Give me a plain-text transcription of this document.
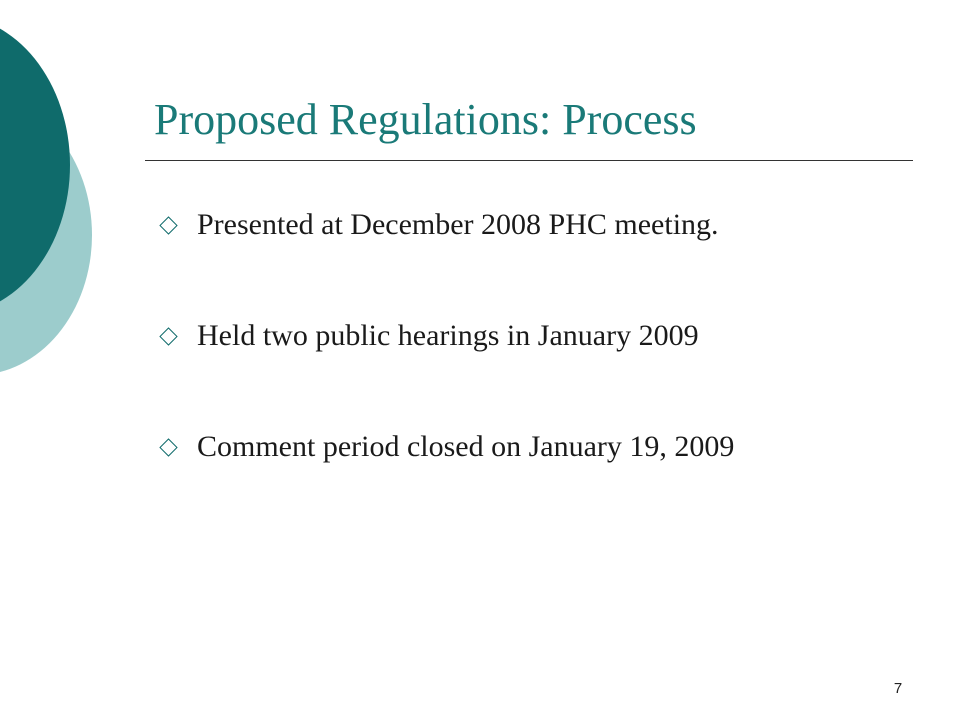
Proposed Regulations: Process
Presented at December 2008 PHC meeting.
Held two public hearings in January 2009
Comment period closed on January 19, 2009
7
